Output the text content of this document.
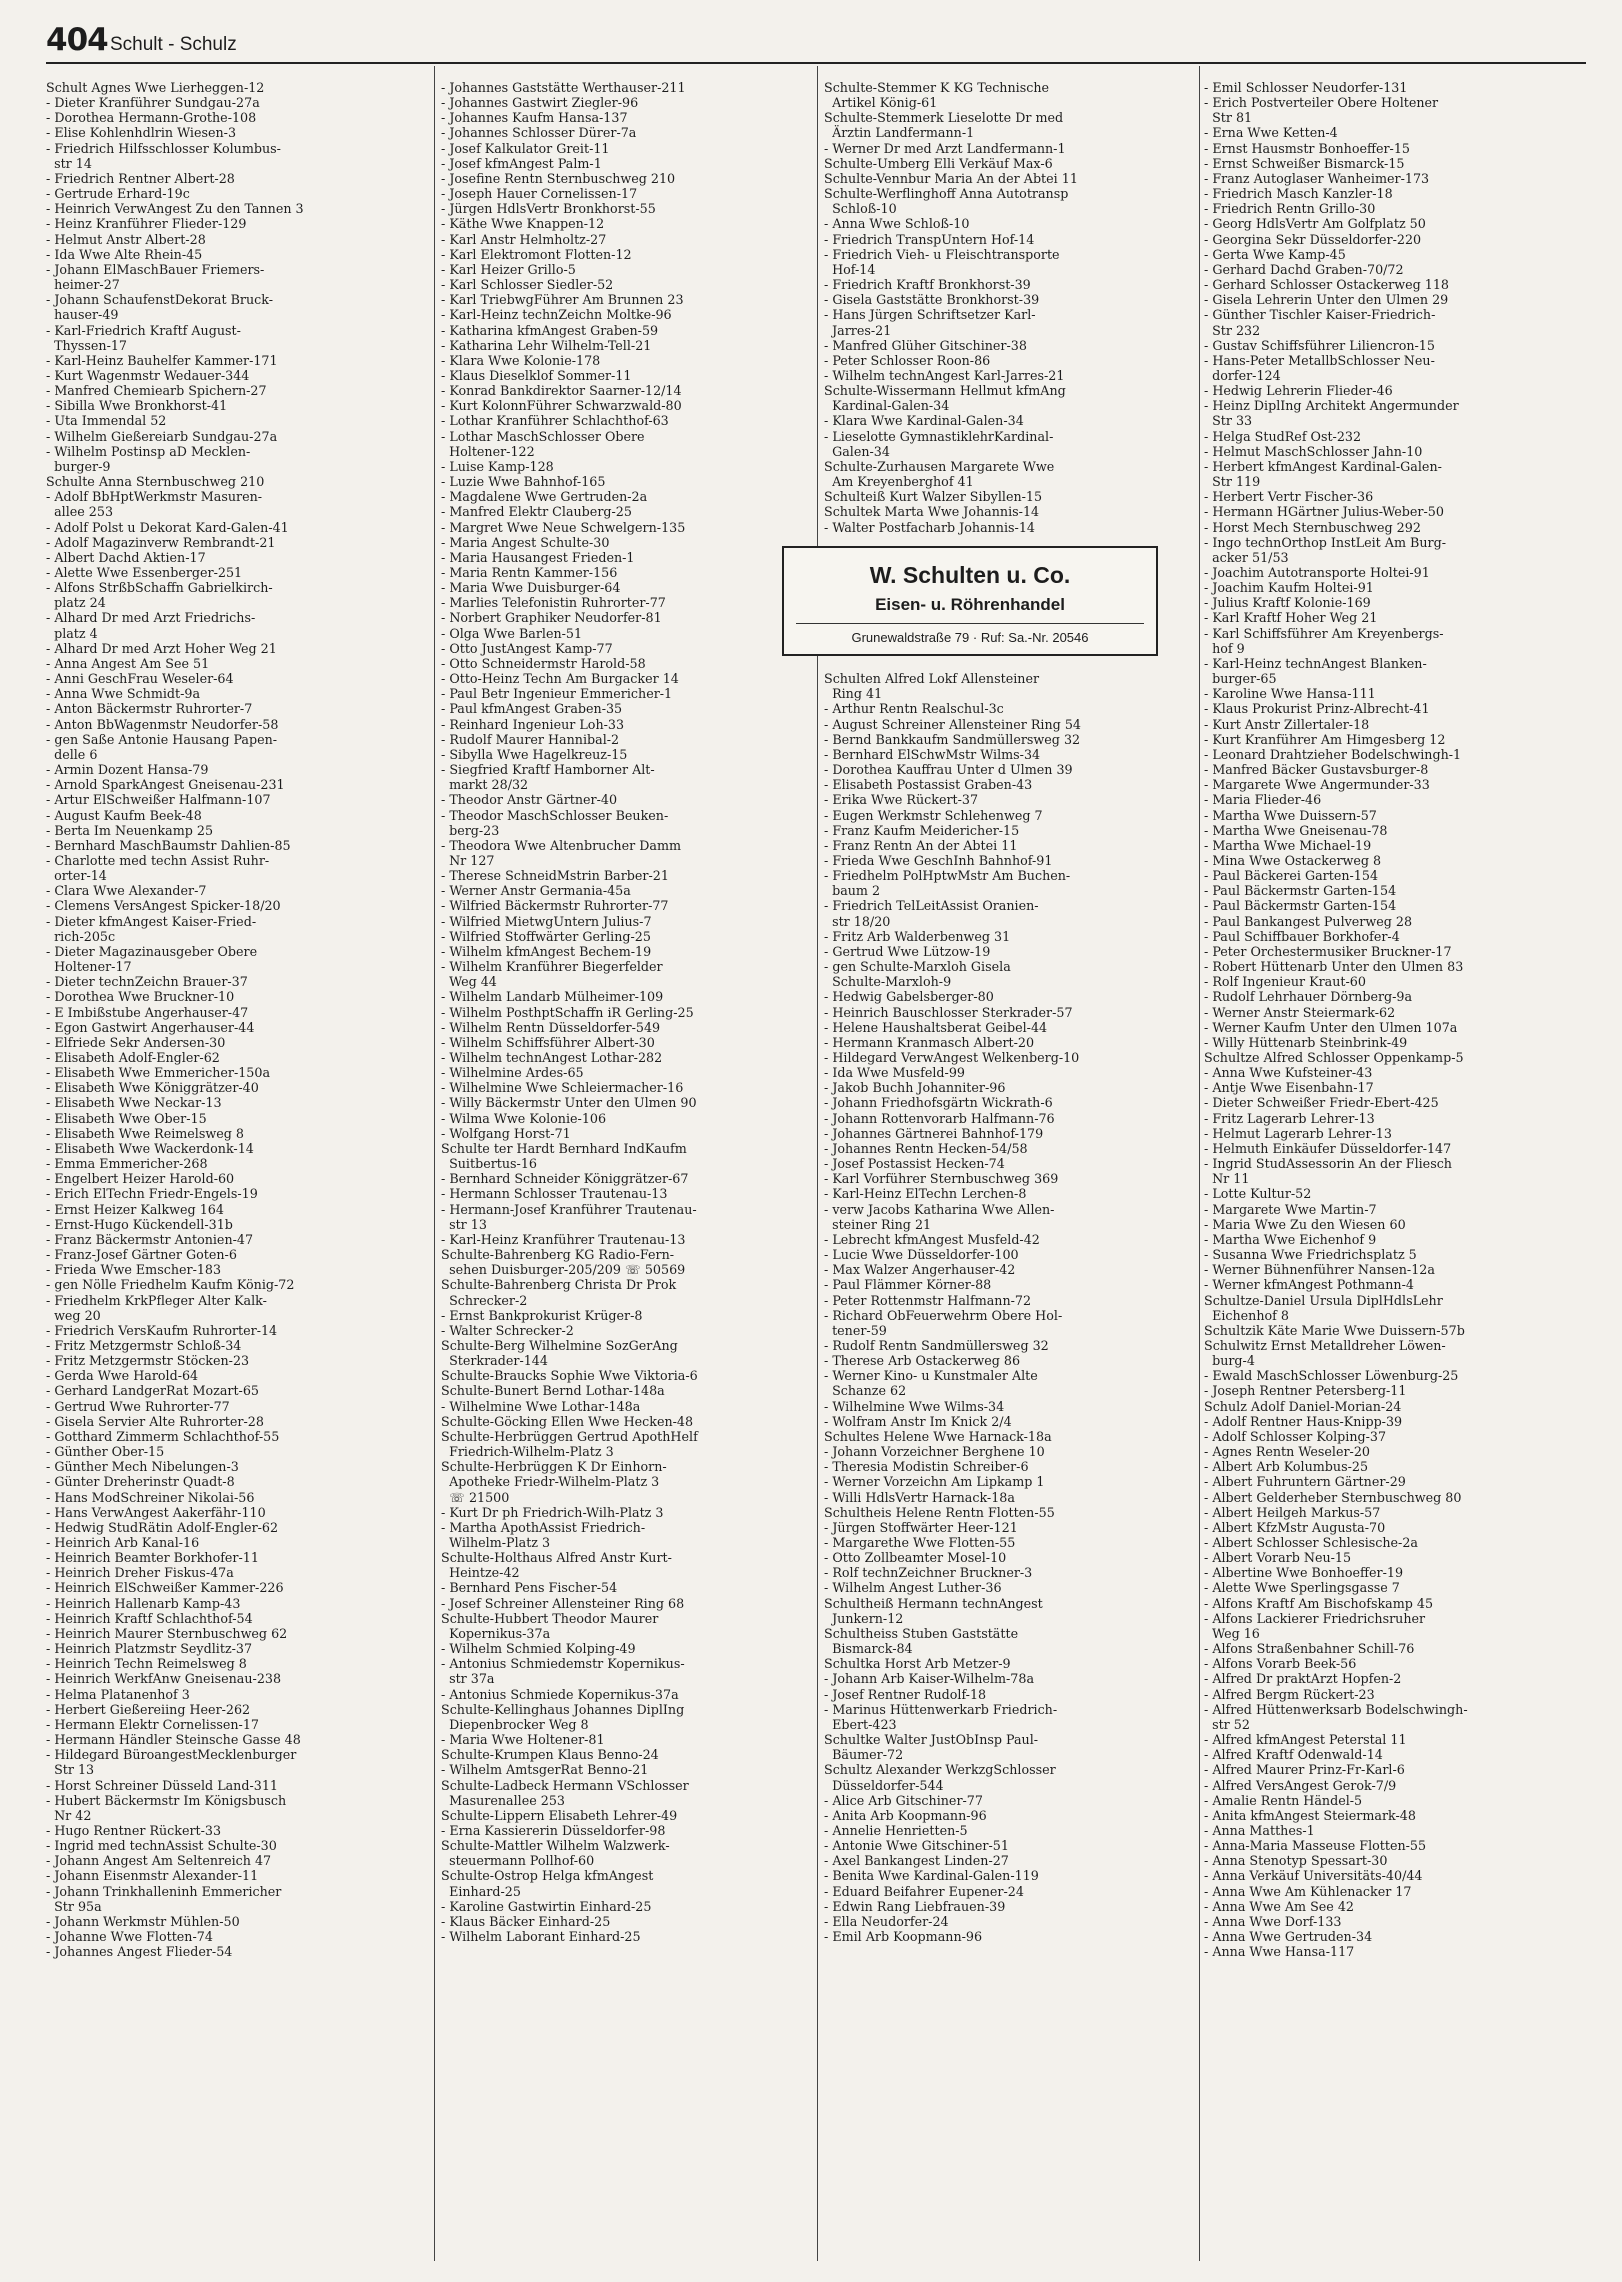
404 Schult - Schulz
Schult Agnes Wwe Lierheggen-12
- Dieter Kranführer Sundgau-27a
- Dorothea Hermann-Grothe-108
- Elise Kohlenhdlrin Wiesen-3
- Friedrich Hilfsschlosser Kolumbus-
str 14
- Friedrich Rentner Albert-28
- Gertrude Erhard-19c
- Heinrich VerwAngest Zu den Tannen 3
- Heinz Kranführer Flieder-129
- Helmut Anstr Albert-28
- Ida Wwe Alte Rhein-45
- Johann ElMaschBauer Friemers-
heimer-27
- Johann SchaufenstDekorat Bruck-
hauser-49
- Karl-Friedrich Kraftf August-
Thyssen-17
- Karl-Heinz Bauhelfer Kammer-171
- Kurt Wagenmstr Wedauer-344
- Manfred Chemiearb Spichern-27
- Sibilla Wwe Bronkhorst-41
- Uta Immendal 52
- Wilhelm Gießereiarb Sundgau-27a
- Wilhelm Postinsp aD Mecklen-
burger-9
Schulte Anna Sternbuschweg 210
- Adolf BbHptWerkmstr Masuren-
allee 253
- Adolf Polst u Dekorat Kard-Galen-41
- Adolf Magazinverw Rembrandt-21
- Albert Dachd Aktien-17
- Alette Wwe Essenberger-251
- Alfons StrßbSchaffn Gabrielkirch-
platz 24
- Alhard Dr med Arzt Friedrichs-
platz 4
- Alhard Dr med Arzt Hoher Weg 21
- Anna Angest Am See 51
- Anni GeschFrau Weseler-64
- Anna Wwe Schmidt-9a
- Anton Bäckermstr Ruhrorter-7
- Anton BbWagenmstr Neudorfer-58
- gen Saße Antonie Hausang Papen-
delle 6
- Armin Dozent Hansa-79
- Arnold SparkAngest Gneisenau-231
- Artur ElSchweißer Halfmann-107
- August Kaufm Beek-48
- Berta Im Neuenkamp 25
- Bernhard MaschBaumstr Dahlien-85
- Charlotte med techn Assist Ruhr-
orter-14
- Clara Wwe Alexander-7
- Clemens VersAngest Spicker-18/20
- Dieter kfmAngest Kaiser-Fried-
rich-205c
- Dieter Magazinausgeber Obere
Holtener-17
- Dieter technZeichn Brauer-37
- Dorothea Wwe Bruckner-10
- E Imbißstube Angerhauser-47
- Egon Gastwirt Angerhauser-44
- Elfriede Sekr Andersen-30
- Elisabeth Adolf-Engler-62
- Elisabeth Wwe Emmericher-150a
- Elisabeth Wwe Königgrätzer-40
- Elisabeth Wwe Neckar-13
- Elisabeth Wwe Ober-15
- Elisabeth Wwe Reimelsweg 8
- Elisabeth Wwe Wackerdonk-14
- Emma Emmericher-268
- Engelbert Heizer Harold-60
- Erich ElTechn Friedr-Engels-19
- Ernst Heizer Kalkweg 164
- Ernst-Hugo Kückendell-31b
- Franz Bäckermstr Antonien-47
- Franz-Josef Gärtner Goten-6
- Frieda Wwe Emscher-183
- gen Nölle Friedhelm Kaufm König-72
- Friedhelm KrkPfleger Alter Kalk-
weg 20
- Friedrich VersKaufm Ruhrorter-14
- Fritz Metzgermstr Schloß-34
- Fritz Metzgermstr Stöcken-23
- Gerda Wwe Harold-64
- Gerhard LandgerRat Mozart-65
- Gertrud Wwe Ruhrorter-77
- Gisela Servier Alte Ruhrorter-28
- Gotthard Zimmerm Schlachthof-55
- Günther Ober-15
- Günther Mech Nibelungen-3
- Günter Dreherinstr Quadt-8
- Hans ModSchreiner Nikolai-56
- Hans VerwAngest Aakerfähr-110
- Hedwig StudRätin Adolf-Engler-62
- Heinrich Arb Kanal-16
- Heinrich Beamter Borkhofer-11
- Heinrich Dreher Fiskus-47a
- Heinrich ElSchweißer Kammer-226
- Heinrich Hallenarb Kamp-43
- Heinrich Kraftf Schlachthof-54
- Heinrich Maurer Sternbuschweg 62
- Heinrich Platzmstr Seydlitz-37
- Heinrich Techn Reimelsweg 8
- Heinrich WerkfAnw Gneisenau-238
- Helma Platanenhof 3
- Herbert Gießereiing Heer-262
- Hermann Elektr Cornelissen-17
- Hermann Händler Steinsche Gasse 48
- Hildegard BüroangestMecklenburger
Str 13
- Horst Schreiner Düsseld Land-311
- Hubert Bäckermstr Im Königsbusch
Nr 42
- Hugo Rentner Rückert-33
- Ingrid med technAssist Schulte-30
- Johann Angest Am Seltenreich 47
- Johann Eisenmstr Alexander-11
- Johann Trinkhalleninh Emmericher
Str 95a
- Johann Werkmstr Mühlen-50
- Johanne Wwe Flotten-74
- Johannes Angest Flieder-54
- Johannes Gaststätte Werthauser-211
- Johannes Gastwirt Ziegler-96
- Johannes Kaufm Hansa-137
- Johannes Schlosser Dürer-7a
- Josef Kalkulator Greit-11
- Josef kfmAngest Palm-1
- Josefine Rentn Sternbuschweg 210
- Joseph Hauer Cornelissen-17
- Jürgen HdlsVertr Bronkhorst-55
- Käthe Wwe Knappen-12
- Karl Anstr Helmholtz-27
- Karl Elektromont Flotten-12
- Karl Heizer Grillo-5
- Karl Schlosser Siedler-52
- Karl TriebwgFührer Am Brunnen 23
- Karl-Heinz technZeichn Moltke-96
- Katharina kfmAngest Graben-59
- Katharina Lehr Wilhelm-Tell-21
- Klara Wwe Kolonie-178
- Klaus Dieselklof Sommer-11
- Konrad Bankdirektor Saarner-12/14
- Kurt KolonnFührer Schwarzwald-80
- Lothar Kranführer Schlachthof-63
- Lothar MaschSchlosser Obere
Holtener-122
- Luise Kamp-128
- Luzie Wwe Bahnhof-165
- Magdalene Wwe Gertruden-2a
- Manfred Elektr Clauberg-25
- Margret Wwe Neue Schwelgern-135
- Maria Angest Schulte-30
- Maria Hausangest Frieden-1
- Maria Rentn Kammer-156
- Maria Wwe Duisburger-64
- Marlies Telefonistin Ruhrorter-77
- Norbert Graphiker Neudorfer-81
- Olga Wwe Barlen-51
- Otto JustAngest Kamp-77
- Otto Schneidermstr Harold-58
- Otto-Heinz Techn Am Burgacker 14
- Paul Betr Ingenieur Emmericher-1
- Paul kfmAngest Graben-35
- Reinhard Ingenieur Loh-33
- Rudolf Maurer Hannibal-2
- Sibylla Wwe Hagelkreuz-15
- Siegfried Kraftf Hamborner Alt-
markt 28/32
- Theodor Anstr Gärtner-40
- Theodor MaschSchlosser Beuken-
berg-23
- Theodora Wwe Altenbrucher Damm
Nr 127
- Therese SchneidMstrin Barber-21
- Werner Anstr Germania-45a
- Wilfried Bäckermstr Ruhrorter-77
- Wilfried MietwgUntern Julius-7
- Wilfried Stoffwärter Gerling-25
- Wilhelm kfmAngest Bechem-19
- Wilhelm Kranführer Biegerfelder
Weg 44
- Wilhelm Landarb Mülheimer-109
- Wilhelm PosthptSchaffn iR Gerling-25
- Wilhelm Rentn Düsseldorfer-549
- Wilhelm Schiffsführer Albert-30
- Wilhelm technAngest Lothar-282
- Wilhelmine Ardes-65
- Wilhelmine Wwe Schleiermacher-16
- Willy Bäckermstr Unter den Ulmen 90
- Wilma Wwe Kolonie-106
- Wolfgang Horst-71
Schulte ter Hardt Bernhard IndKaufm
Suitbertus-16
- Bernhard Schneider Königgrätzer-67
- Hermann Schlosser Trautenau-13
- Hermann-Josef Kranführer Trautenau-
str 13
- Karl-Heinz Kranführer Trautenau-13
Schulte-Bahrenberg KG Radio-Fern-
sehen Duisburger-205/209 ☏ 50569
Schulte-Bahrenberg Christa Dr Prok
Schrecker-2
- Ernst Bankprokurist Krüger-8
- Walter Schrecker-2
Schulte-Berg Wilhelmine SozGerAng
Sterkrader-144
Schulte-Braucks Sophie Wwe Viktoria-6
Schulte-Bunert Bernd Lothar-148a
- Wilhelmine Wwe Lothar-148a
Schulte-Göcking Ellen Wwe Hecken-48
Schulte-Herbrüggen Gertrud ApothHelf
Friedrich-Wilhelm-Platz 3
Schulte-Herbrüggen K Dr Einhorn-
Apotheke Friedr-Wilhelm-Platz 3
☏ 21500
- Kurt Dr ph Friedrich-Wilh-Platz 3
- Martha ApothAssist Friedrich-
Wilhelm-Platz 3
Schulte-Holthaus Alfred Anstr Kurt-
Heintze-42
- Bernhard Pens Fischer-54
- Josef Schreiner Allensteiner Ring 68
Schulte-Hubbert Theodor Maurer
Kopernikus-37a
- Wilhelm Schmied Kolping-49
- Antonius Schmiedemstr Kopernikus-
str 37a
- Antonius Schmiede Kopernikus-37a
Schulte-Kellinghaus Johannes DiplIng
Diepenbrocker Weg 8
- Maria Wwe Holtener-81
Schulte-Krumpen Klaus Benno-24
- Wilhelm AmtsgerRat Benno-21
Schulte-Ladbeck Hermann VSchlosser
Masurenallee 253
Schulte-Lippern Elisabeth Lehrer-49
- Erna Kassiererin Düsseldorfer-98
Schulte-Mattler Wilhelm Walzwerk-
steuermann Pollhof-60
Schulte-Ostrop Helga kfmAngest
Einhard-25
- Karoline Gastwirtin Einhard-25
- Klaus Bäcker Einhard-25
- Wilhelm Laborant Einhard-25
Schulte-Stemmer K KG Technische
Artikel König-61
Schulte-Stemmerk Lieselotte Dr med
Ärztin Landfermann-1
- Werner Dr med Arzt Landfermann-1
Schulte-Umberg Elli Verkäuf Max-6
Schulte-Vennbur Maria An der Abtei 11
Schulte-Werflinghoff Anna Autotransp
Schloß-10
- Anna Wwe Schloß-10
- Friedrich TranspUntern Hof-14
- Friedrich Vieh- u Fleischtransporte
Hof-14
- Friedrich Kraftf Bronkhorst-39
- Gisela Gaststätte Bronkhorst-39
- Hans Jürgen Schriftsetzer Karl-
Jarres-21
- Manfred Glüher Gitschiner-38
- Peter Schlosser Roon-86
- Wilhelm technAngest Karl-Jarres-21
Schulte-Wissermann Hellmut kfmAng
Kardinal-Galen-34
- Klara Wwe Kardinal-Galen-34
- Lieselotte GymnastiklehrKardinal-
Galen-34
Schulte-Zurhausen Margarete Wwe
Am Kreyenberghof 41
Schulteiß Kurt Walzer Sibyllen-15
Schultek Marta Wwe Johannis-14
- Walter Postfacharb Johannis-14

Schulten Alfred Lokf Allensteiner
Ring 41
- Arthur Rentn Realschul-3c
- August Schreiner Allensteiner Ring 54
- Bernd Bankkaufm Sandmüllersweg 32
- Bernhard ElSchwMstr Wilms-34
- Dorothea Kauffrau Unter d Ulmen 39
- Elisabeth Postassist Graben-43
- Erika Wwe Rückert-37
- Eugen Werkmstr Schlehenweg 7
- Franz Kaufm Meidericher-15
- Franz Rentn An der Abtei 11
- Frieda Wwe GeschInh Bahnhof-91
- Friedhelm PolHptwMstr Am Buchen-
baum 2
- Friedrich TelLeitAssist Oranien-
str 18/20
- Fritz Arb Walderbenweg 31
- Gertrud Wwe Lützow-19
- gen Schulte-Marxloh Gisela
Schulte-Marxloh-9
- Hedwig Gabelsberger-80
- Heinrich Bauschlosser Sterkrader-57
- Helene Haushaltsberat Geibel-44
- Hermann Kranmasch Albert-20
- Hildegard VerwAngest Welkenberg-10
- Ida Wwe Musfeld-99
- Jakob Buchh Johanniter-96
- Johann Friedhofsgärtn Wickrath-6
- Johann Rottenvorarb Halfmann-76
- Johannes Gärtnerei Bahnhof-179
- Johannes Rentn Hecken-54/58
- Josef Postassist Hecken-74
- Karl Vorführer Sternbuschweg 369
- Karl-Heinz ElTechn Lerchen-8
- verw Jacobs Katharina Wwe Allen-
steiner Ring 21
- Lebrecht kfmAngest Musfeld-42
- Lucie Wwe Düsseldorfer-100
- Max Walzer Angerhauser-42
- Paul Flämmer Körner-88
- Peter Rottenmstr Halfmann-72
- Richard ObFeuerwehrm Obere Hol-
tener-59
- Rudolf Rentn Sandmüllersweg 32
- Therese Arb Ostackerweg 86
- Werner Kino- u Kunstmaler Alte
Schanze 62
- Wilhelmine Wwe Wilms-34
- Wolfram Anstr Im Knick 2/4
Schultes Helene Wwe Harnack-18a
- Johann Vorzeichner Berghene 10
- Theresia Modistin Schreiber-6
- Werner Vorzeichn Am Lipkamp 1
- Willi HdlsVertr Harnack-18a
Schultheis Helene Rentn Flotten-55
- Jürgen Stoffwärter Heer-121
- Margarethe Wwe Flotten-55
- Otto Zollbeamter Mosel-10
- Rolf technZeichner Bruckner-3
- Wilhelm Angest Luther-36
Schultheiß Hermann technAngest
Junkern-12
Schultheiss Stuben Gaststätte
Bismarck-84
Schultka Horst Arb Metzer-9
- Johann Arb Kaiser-Wilhelm-78a
- Josef Rentner Rudolf-18
- Marinus Hüttenwerkarb Friedrich-
Ebert-423
Schultke Walter JustObInsp Paul-
Bäumer-72
Schultz Alexander WerkzgSchlosser
Düsseldorfer-544
- Alice Arb Gitschiner-77
- Anita Arb Koopmann-96
- Annelie Henrietten-5
- Antonie Wwe Gitschiner-51
- Axel Bankangest Linden-27
- Benita Wwe Kardinal-Galen-119
- Eduard Beifahrer Eupener-24
- Edwin Rang Liebfrauen-39
- Ella Neudorfer-24
- Emil Arb Koopmann-96
- Emil Schlosser Neudorfer-131
- Erich Postverteiler Obere Holtener
Str 81
- Erna Wwe Ketten-4
- Ernst Hausmstr Bonhoeffer-15
- Ernst Schweißer Bismarck-15
- Franz Autoglaser Wanheimer-173
- Friedrich Masch Kanzler-18
- Friedrich Rentn Grillo-30
- Georg HdlsVertr Am Golfplatz 50
- Georgina Sekr Düsseldorfer-220
- Gerta Wwe Kamp-45
- Gerhard Dachd Graben-70/72
- Gerhard Schlosser Ostackerweg 118
- Gisela Lehrerin Unter den Ulmen 29
- Günther Tischler Kaiser-Friedrich-
Str 232
- Gustav Schiffsführer Liliencron-15
- Hans-Peter MetallbSchlosser Neu-
dorfer-124
- Hedwig Lehrerin Flieder-46
- Heinz DiplIng Architekt Angermunder
Str 33
- Helga StudRef Ost-232
- Helmut MaschSchlosser Jahn-10
- Herbert kfmAngest Kardinal-Galen-
Str 119
- Herbert Vertr Fischer-36
- Hermann HGärtner Julius-Weber-50
- Horst Mech Sternbuschweg 292
- Ingo technOrthop InstLeit Am Burg-
acker 51/53
- Joachim Autotransporte Holtei-91
- Joachim Kaufm Holtei-91
- Julius Kraftf Kolonie-169
- Karl Kraftf Hoher Weg 21
- Karl Schiffsführer Am Kreyenbergs-
hof 9
- Karl-Heinz technAngest Blanken-
burger-65
- Karoline Wwe Hansa-111
- Klaus Prokurist Prinz-Albrecht-41
- Kurt Anstr Zillertaler-18
- Kurt Kranführer Am Himgesberg 12
- Leonard Drahtzieher Bodelschwingh-1
- Manfred Bäcker Gustavsburger-8
- Margarete Wwe Angermunder-33
- Maria Flieder-46
- Martha Wwe Duissern-57
- Martha Wwe Gneisenau-78
- Martha Wwe Michael-19
- Mina Wwe Ostackerweg 8
- Paul Bäckerei Garten-154
- Paul Bäckermstr Garten-154
- Paul Bäckermstr Garten-154
- Paul Bankangest Pulverweg 28
- Paul Schiffbauer Borkhofer-4
- Peter Orchestermusiker Bruckner-17
- Robert Hüttenarb Unter den Ulmen 83
- Rolf Ingenieur Kraut-60
- Rudolf Lehrhauer Dörnberg-9a
- Werner Anstr Steiermark-62
- Werner Kaufm Unter den Ulmen 107a
- Willy Hüttenarb Steinbrink-49
Schultze Alfred Schlosser Oppenkamp-5
- Anna Wwe Kufsteiner-43
- Antje Wwe Eisenbahn-17
- Dieter Schweißer Friedr-Ebert-425
- Fritz Lagerarb Lehrer-13
- Helmut Lagerarb Lehrer-13
- Helmuth Einkäufer Düsseldorfer-147
- Ingrid StudAssessorin An der Fliesch
Nr 11
- Lotte Kultur-52
- Margarete Wwe Martin-7
- Maria Wwe Zu den Wiesen 60
- Martha Wwe Eichenhof 9
- Susanna Wwe Friedrichsplatz 5
- Werner Bühnenführer Nansen-12a
- Werner kfmAngest Pothmann-4
Schultze-Daniel Ursula DiplHdlsLehr
Eichenhof 8
Schultzik Käte Marie Wwe Duissern-57b
Schulwitz Ernst Metalldreher Löwen-
burg-4
- Ewald MaschSchlosser Löwenburg-25
- Joseph Rentner Petersberg-11
Schulz Adolf Daniel-Morian-24
- Adolf Rentner Haus-Knipp-39
- Adolf Schlosser Kolping-37
- Agnes Rentn Weseler-20
- Albert Arb Kolumbus-25
- Albert Fuhruntern Gärtner-29
- Albert Gelderheber Sternbuschweg 80
- Albert Heilgeh Markus-57
- Albert KfzMstr Augusta-70
- Albert Schlosser Schlesische-2a
- Albert Vorarb Neu-15
- Albertine Wwe Bonhoeffer-19
- Alette Wwe Sperlingsgasse 7
- Alfons Kraftf Am Bischofskamp 45
- Alfons Lackierer Friedrichsruher
Weg 16
- Alfons Straßenbahner Schill-76
- Alfons Vorarb Beek-56
- Alfred Dr praktArzt Hopfen-2
- Alfred Bergm Rückert-23
- Alfred Hüttenwerksarb Bodelschwingh-
str 52
- Alfred kfmAngest Peterstal 11
- Alfred Kraftf Odenwald-14
- Alfred Maurer Prinz-Fr-Karl-6
- Alfred VersAngest Gerok-7/9
- Amalie Rentn Händel-5
- Anita kfmAngest Steiermark-48
- Anna Matthes-1
- Anna-Maria Masseuse Flotten-55
- Anna Stenotyp Spessart-30
- Anna Verkäuf Universitäts-40/44
- Anna Wwe Am Kühlenacker 17
- Anna Wwe Am See 42
- Anna Wwe Dorf-133
- Anna Wwe Gertruden-34
- Anna Wwe Hansa-117
W. Schulten u. Co.
Eisen- u. Röhrenhandel
Grunewaldstraße 79 · Ruf: Sa.-Nr. 20546
